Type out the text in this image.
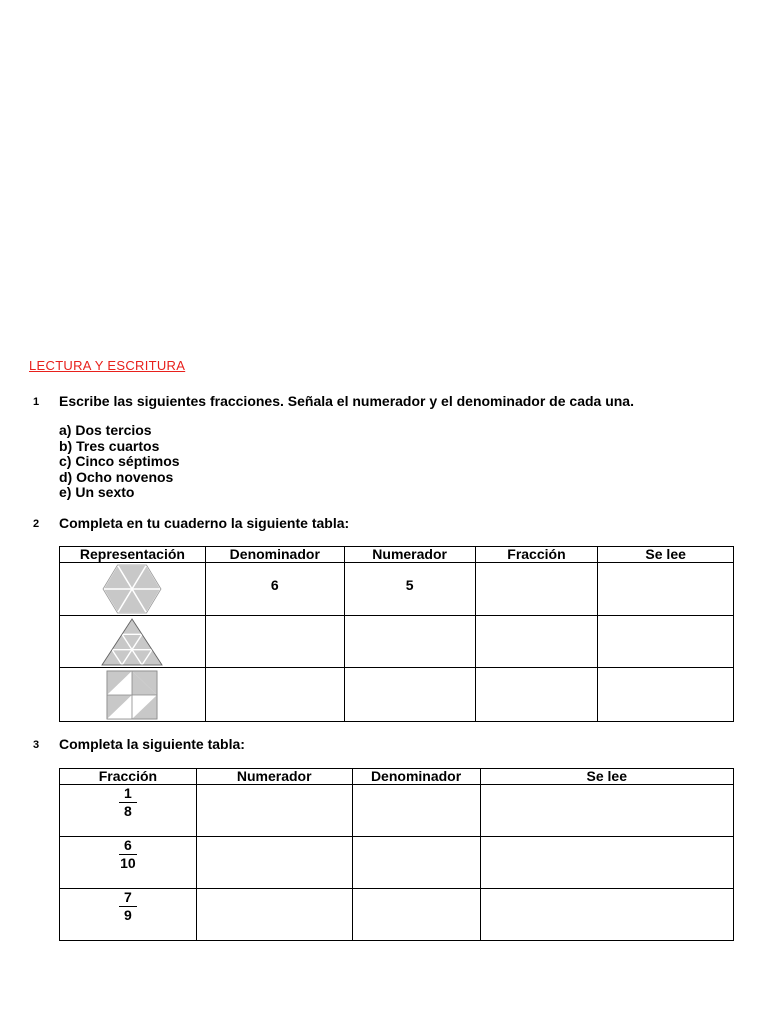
LECTURA Y ESCRITURA
1 Escribe las siguientes fracciones. Señala el numerador y el denominador de cada una.
a) Dos tercios
b) Tres cuartos
c) Cinco séptimos
d) Ocho novenos
e) Un sexto
2 Completa en tu cuaderno la siguiente tabla:
Representación	Denominador	Numerador	Fracción	Se lee

	6	5		

3 Completa la siguiente tabla:
Fracción	Numerador	Denominador	Se lee

$\frac{1}{8}$

$\frac{6}{10}$

$\frac{7}{9}$
